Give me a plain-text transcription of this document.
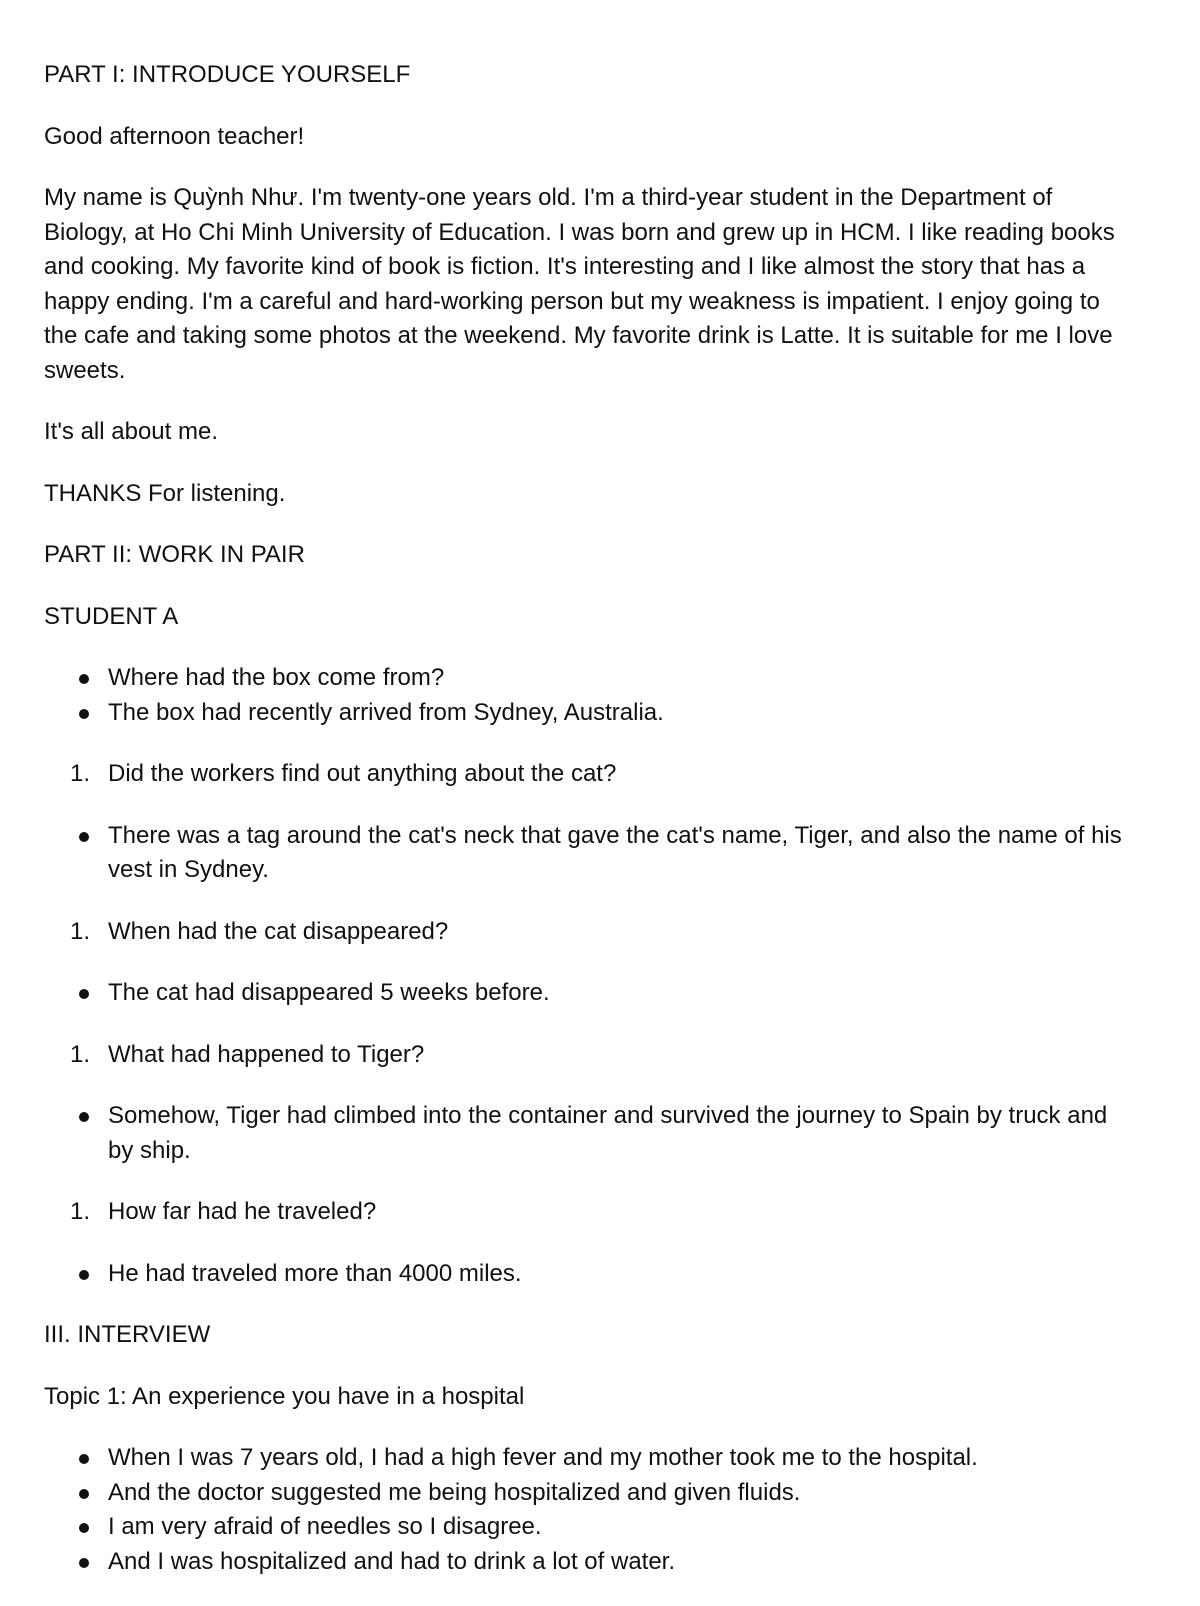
PART I: INTRODUCE YOURSELF

Good afternoon teacher!

My name is Quỳnh Như. I'm twenty-one years old. I'm a third-year student in the Department of Biology, at Ho Chi Minh University of Education. I was born and grew up in HCM. I like reading books and cooking. My favorite kind of book is fiction. It's interesting and I like almost the story that has a happy ending. I'm a careful and hard-working person but my weakness is impatient. I enjoy going to the cafe and taking some photos at the weekend. My favorite drink is Latte. It is suitable for me I love sweets.

It's all about me.

THANKS For listening.

PART II: WORK IN PAIR

STUDENT A

Where had the box come from?
The box had recently arrived from Sydney, Australia.
1. Did the workers find out anything about the cat?
There was a tag around the cat's neck that gave the cat's name, Tiger, and also the name of his vest in Sydney.
1. When had the cat disappeared?
The cat had disappeared 5 weeks before.
1. What had happened to Tiger?
Somehow, Tiger had climbed into the container and survived the journey to Spain by truck and by ship.
1. How far had he traveled?
He had traveled more than 4000 miles.

III. INTERVIEW

Topic 1: An experience you have in a hospital

When I was 7 years old, I had a high fever and my mother took me to the hospital.
And the doctor suggested me being hospitalized and given fluids.
I am very afraid of needles so I disagree.
And I was hospitalized and had to drink a lot of water.
